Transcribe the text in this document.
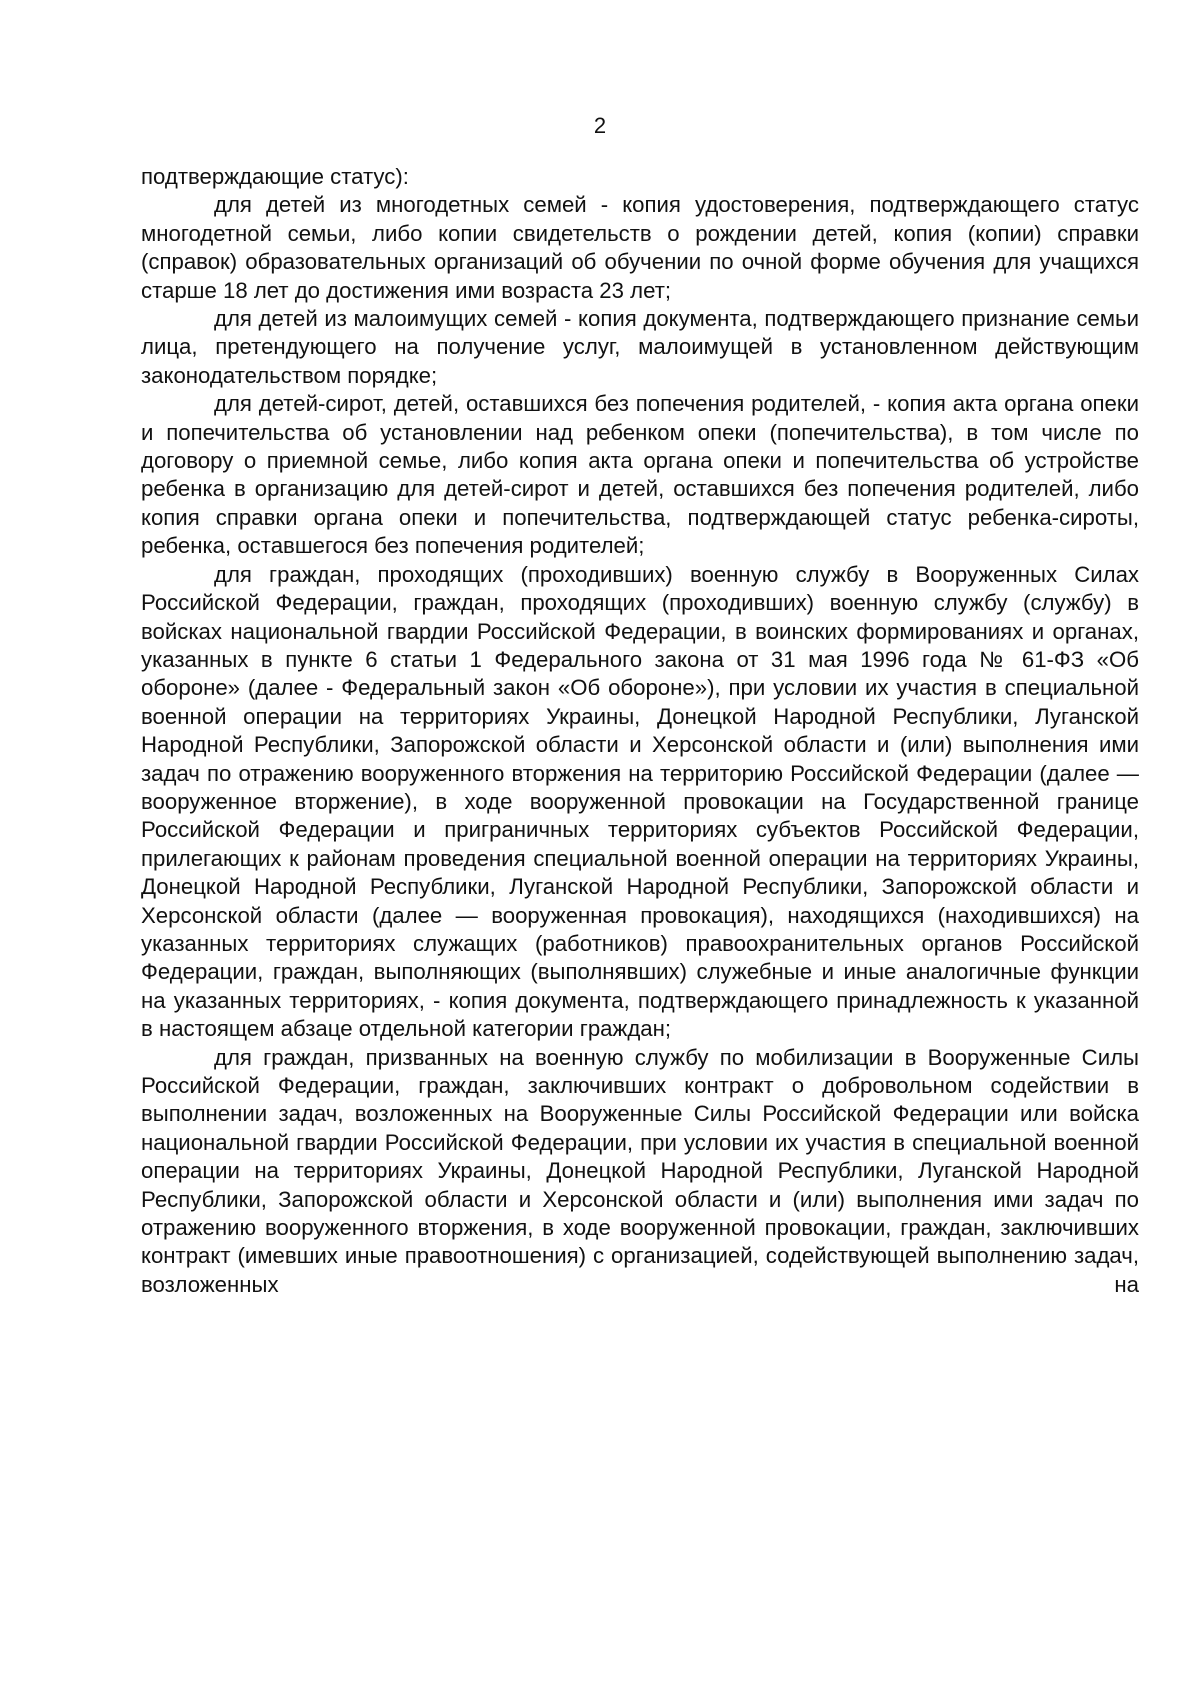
2

подтверждающие статус):

для детей из многодетных семей - копия удостоверения, подтверждающего статус многодетной семьи, либо копии свидетельств о рождении детей, копия (копии) справки (справок) образовательных организаций об обучении по очной форме обучения для учащихся старше 18 лет до достижения ими возраста 23 лет;

для детей из малоимущих семей - копия документа, подтверждающего признание семьи лица, претендующего на получение услуг, малоимущей в установленном действующим законодательством порядке;

для детей-сирот, детей, оставшихся без попечения родителей, - копия акта органа опеки и попечительства об установлении над ребенком опеки (попечительства), в том числе по договору о приемной семье, либо копия акта органа опеки и попечительства об устройстве ребенка в организацию для детей-сирот и детей, оставшихся без попечения родителей, либо копия справки органа опеки и попечительства, подтверждающей статус ребенка-сироты, ребенка, оставшегося без попечения родителей;

для граждан, проходящих (проходивших) военную службу в Вооруженных Силах Российской Федерации, граждан, проходящих (проходивших) военную службу (службу) в войсках национальной гвардии Российской Федерации, в воинских формированиях и органах, указанных в пункте 6 статьи 1 Федерального закона от 31 мая 1996 года № 61-ФЗ «Об обороне» (далее - Федеральный закон «Об обороне»), при условии их участия в специальной военной операции на территориях Украины, Донецкой Народной Республики, Луганской Народной Республики, Запорожской области и Херсонской области и (или) выполнения ими задач по отражению вооруженного вторжения на территорию Российской Федерации (далее — вооруженное вторжение), в ходе вооруженной провокации на Государственной границе Российской Федерации и приграничных территориях субъектов Российской Федерации, прилегающих к районам проведения специальной военной операции на территориях Украины, Донецкой Народной Республики, Луганской Народной Республики, Запорожской области и Херсонской области (далее — вооруженная провокация), находящихся (находившихся) на указанных территориях служащих (работников) правоохранительных органов Российской Федерации, граждан, выполняющих (выполнявших) служебные и иные аналогичные функции на указанных территориях, - копия документа, подтверждающего принадлежность к указанной в настоящем абзаце отдельной категории граждан;

для граждан, призванных на военную службу по мобилизации в Вооруженные Силы Российской Федерации, граждан, заключивших контракт о добровольном содействии в выполнении задач, возложенных на Вооруженные Силы Российской Федерации или войска национальной гвардии Российской Федерации, при условии их участия в специальной военной операции на территориях Украины, Донецкой Народной Республики, Луганской Народной Республики, Запорожской области и Херсонской области и (или) выполнения ими задач по отражению вооруженного вторжения, в ходе вооруженной провокации, граждан, заключивших контракт (имевших иные правоотношения) с организацией, содействующей выполнению задач, возложенных на
